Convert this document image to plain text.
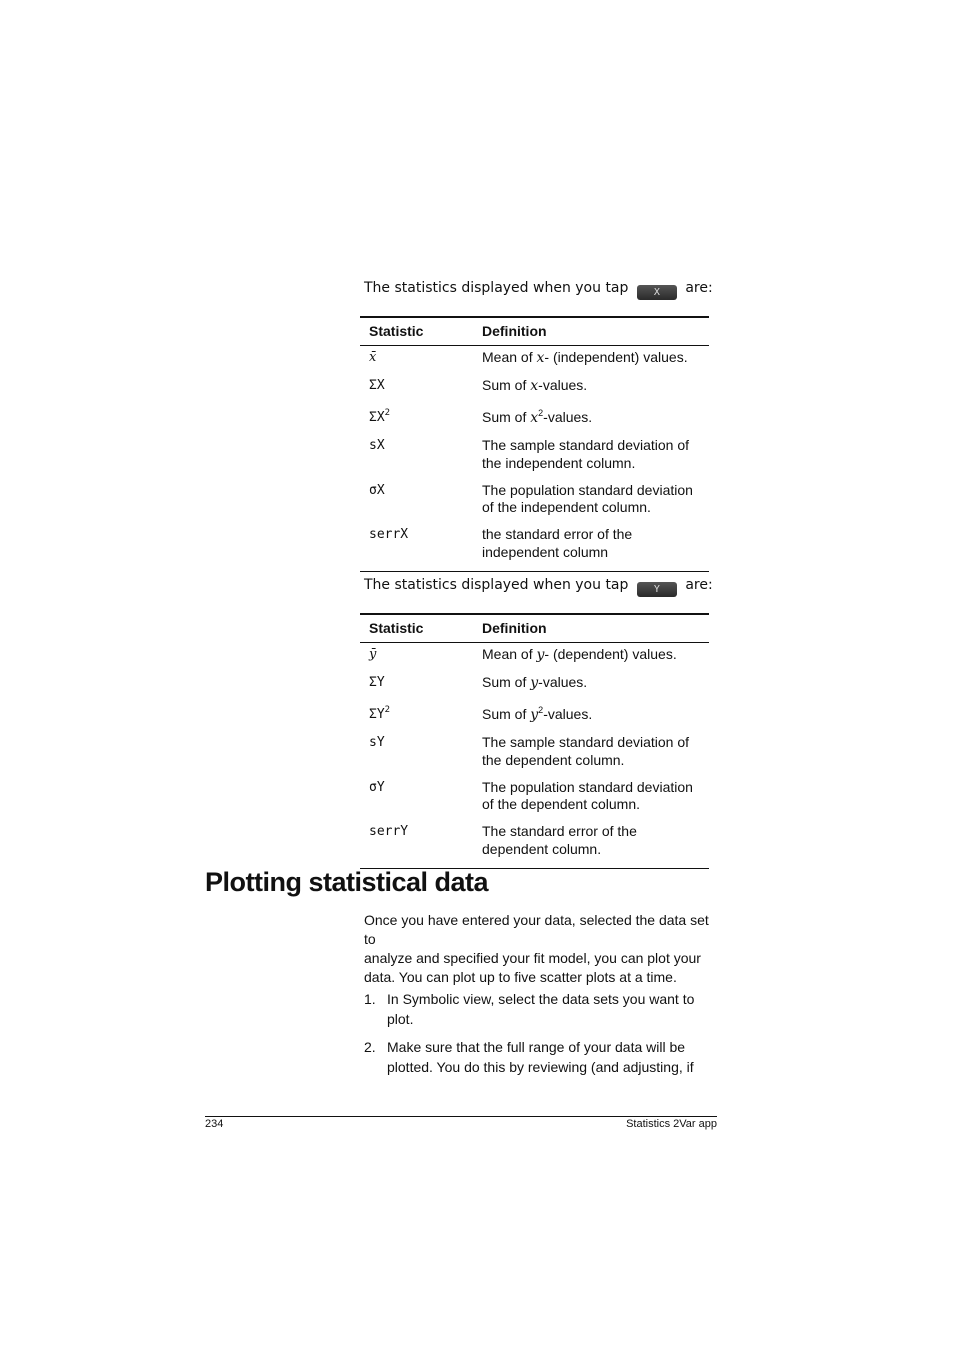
The statistics displayed when you tap	X are:
Statistic	Definition
x̄	Mean of x- (independent) values.
ΣX	Sum of x-values.
$\Sigma X^2$	Sum of $x^2$-values.
sX	The sample standard deviation of
the independent column.
σX	The population standard deviation
of the independent column.
serrX	the standard error of the
independent column
The statistics displayed when you tap	Y are:
Statistic	Definition
ȳ	Mean of y- (dependent) values.
ΣY	Sum of y-values.
$\Sigma Y^2$	Sum of $y^2$-values.
sY	The sample standard deviation of
the dependent column.
σY	The population standard deviation
of the dependent column.
serrY	The standard error of the
dependent column.
Plotting statistical data
Once you have entered your data, selected the data set to
analyze and specified your fit model, you can plot your
data. You can plot up to five scatter plots at a time.
1. In Symbolic view, select the data sets you want to
plot.
2. Make sure that the full range of your data will be
plotted. You do this by reviewing (and adjusting, if
234	Statistics 2Var app
